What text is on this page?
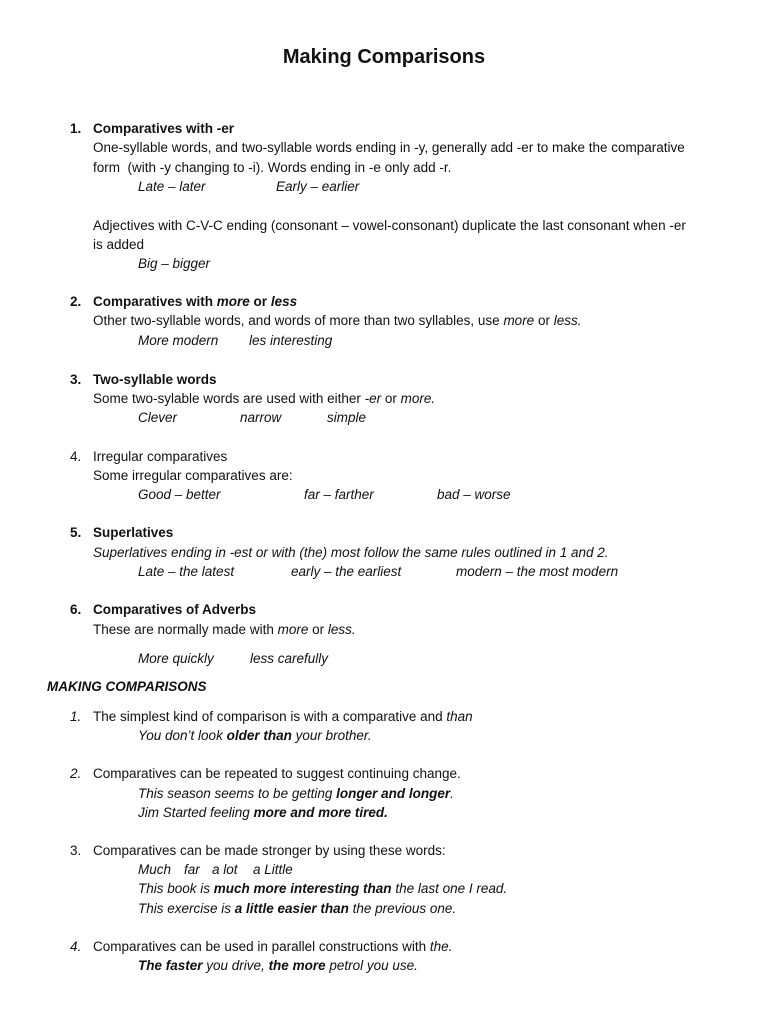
Making Comparisons
1. Comparatives with -er
One-syllable words, and two-syllable words ending in -y, generally add -er to make the comparative
form  (with -y changing to -i). Words ending in -e only add -r.
Late – later	Early – earlier
Adjectives with C-V-C ending (consonant – vowel-consonant) duplicate the last consonant when -er
is added
Big – bigger
2. Comparatives with more or less
Other two-syllable words, and words of more than two syllables, use more or less.
More modern les interesting
3. Two-syllable words
Some two-sylable words are used with either -er or more.
Clever	narrow	simple
4. Irregular comparatives
Some irregular comparatives are:
Good – better	far – farther	bad – worse
5. Superlatives
Superlatives ending in -est or with (the) most follow the same rules outlined in 1 and 2.
Late – the latest	early – the earliest	modern – the most modern
6. Comparatives of Adverbs
These are normally made with more or less.
More quickly	less carefully
MAKING COMPARISONS
1. The simplest kind of comparison is with a comparative and than
You don’t look older than your brother.
2. Comparatives can be repeated to suggest continuing change.
This season seems to be getting longer and longer.
Jim Started feeling more and more tired.
3. Comparatives can be made stronger by using these words:
Much far a lot a Little
This book is much more interesting than the last one I read.
This exercise is a little easier than the previous one.
4. Comparatives can be used in parallel constructions with the.
The faster you drive, the more petrol you use.
